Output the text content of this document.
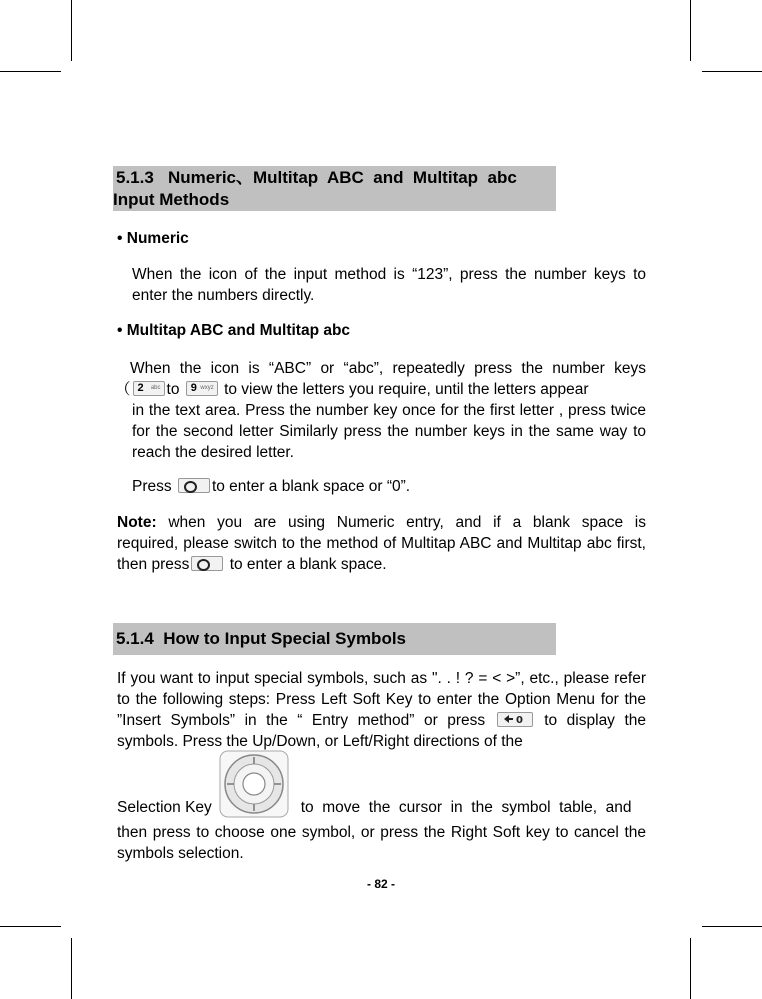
5.1.3   Numeric、Multitap  ABC  and  Multitap  abc
Input Methods
• Numeric
When the icon of the input method is “123”, press the number keys to enter the numbers directly.
• Multitap ABC and Multitap abc
When the icon is “ABC” or “abc”, repeatedly press the number keys
（ 2 abc to 9 wxyz to view the letters you require, until the letters appear
in the text area. Press the number key once for the first letter , press twice for the second letter Similarly press the number keys in the same way to reach the desired letter.
Press
to enter a blank space or “0”.
Note:  when  you  are  using  Numeric  entry,  and  if  a  blank  space  is required, please switch to the method of Multitap ABC and Multitap abc first, then press
to enter a blank space.
5.1.4  How to Input Special Symbols
If you want to input special symbols, such as ". . ! ? = < >”, etc., please refer to the following steps: Press Left Soft Key to enter the Option Menu for the ”Insert Symbols” in the “ Entry method” or press	0 to display the symbols. Press the Up/Down, or Left/Right directions of the
Selection Key	to  move  the  cursor  in  the  symbol  table,  and
then press to choose one symbol, or press the Right Soft key to cancel the symbols selection.
- 82 -
